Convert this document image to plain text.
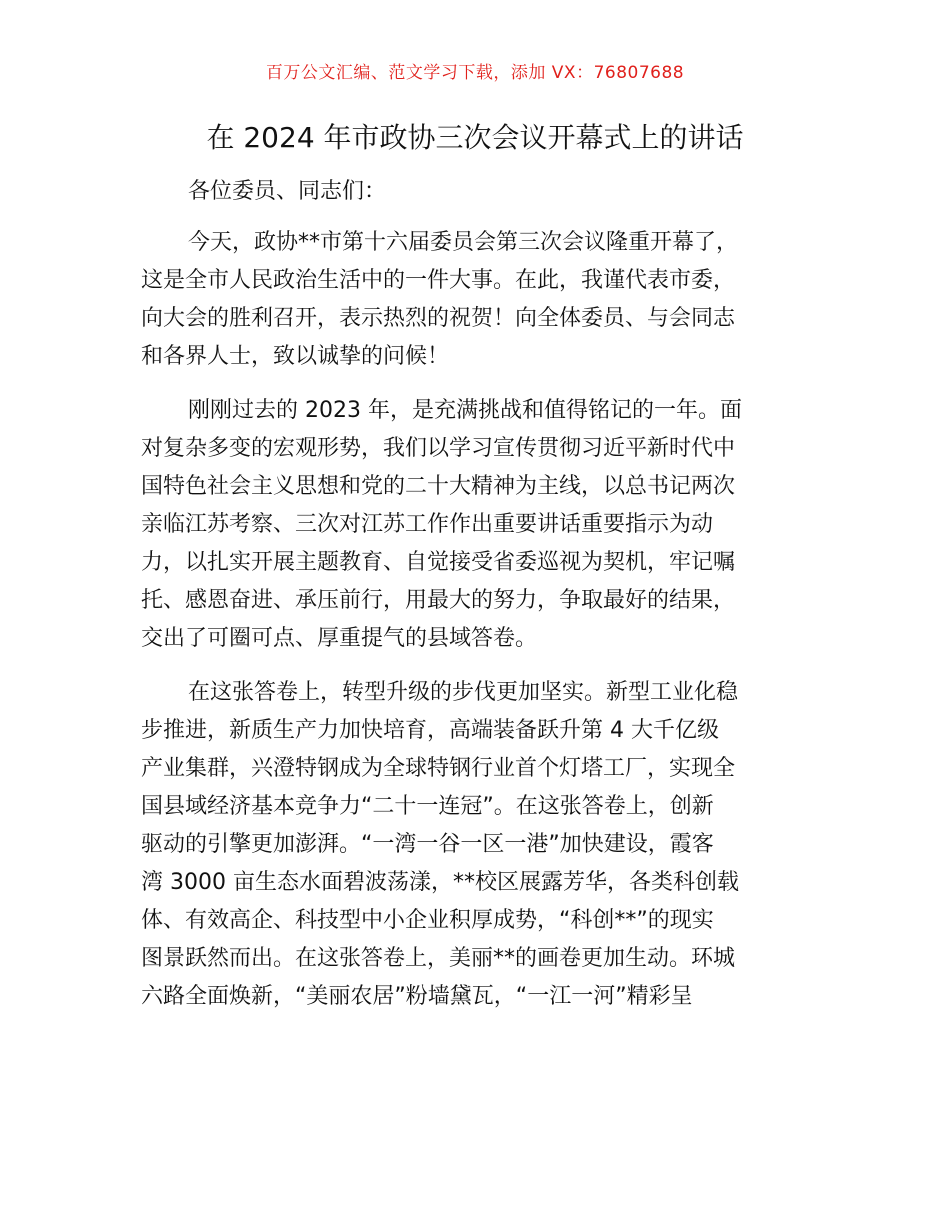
百万公文汇编、范文学习下载，添加 VX：76807688
在 2024 年市政协三次会议开幕式上的讲话

各位委员、同志们：

今天，政协**市第十六届委员会第三次会议隆重开幕了，
这是全市人民政治生活中的一件大事。在此，我谨代表市委，
向大会的胜利召开，表示热烈的祝贺！向全体委员、与会同志
和各界人士，致以诚挚的问候！

刚刚过去的 2023 年，是充满挑战和值得铭记的一年。面
对复杂多变的宏观形势，我们以学习宣传贯彻习近平新时代中
国特色社会主义思想和党的二十大精神为主线，以总书记两次
亲临江苏考察、三次对江苏工作作出重要讲话重要指示为动
力，以扎实开展主题教育、自觉接受省委巡视为契机，牢记嘱
托、感恩奋进、承压前行，用最大的努力，争取最好的结果，
交出了可圈可点、厚重提气的县域答卷。

在这张答卷上，转型升级的步伐更加坚实。新型工业化稳
步推进，新质生产力加快培育，高端装备跃升第 4 大千亿级
产业集群，兴澄特钢成为全球特钢行业首个灯塔工厂，实现全
国县域经济基本竞争力“二十一连冠”。在这张答卷上，创新
驱动的引擎更加澎湃。“一湾一谷一区一港”加快建设，霞客
湾 3000 亩生态水面碧波荡漾，**校区展露芳华，各类科创载
体、有效高企、科技型中小企业积厚成势，“科创**”的现实
图景跃然而出。在这张答卷上，美丽**的画卷更加生动。环城
六路全面焕新，“美丽农居”粉墙黛瓦，“一江一河”精彩呈
